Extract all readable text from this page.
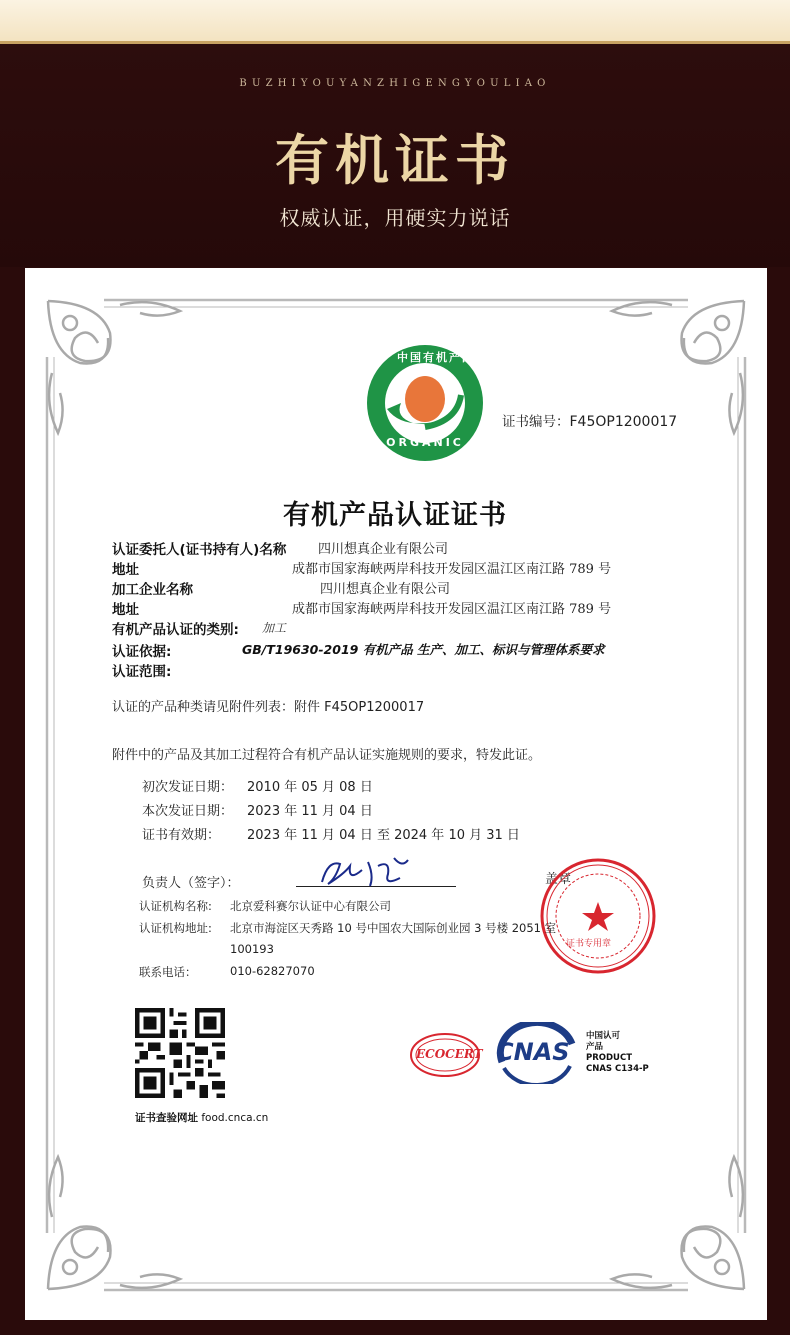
BUZHIYOUYANZHIGENGYOULIAO
有机证书
权威认证，用硬实力说话
中国有机产品
ORGANIC
证书编号：F45OP1200017
有机产品认证证书
认证委托人(证书持有人)名称 四川想真企业有限公司
地址	成都市国家海峡两岸科技开发园区温江区南江路 789 号
加工企业名称	四川想真企业有限公司
地址	成都市国家海峡两岸科技开发园区温江区南江路 789 号
有机产品认证的类别: 加工
认证依据:	GB/T19630-2019 有机产品 生产、加工、标识与管理体系要求
认证范围:
认证的产品种类请见附件列表：附件 F45OP1200017
附件中的产品及其加工过程符合有机产品认证实施规则的要求，特发此证。
初次发证日期： 2010 年 05 月 08 日
本次发证日期： 2023 年 11 月 04 日
证书有效期： 2023 年 11 月 04 日 至 2024 年 10 月 31 日
负责人（签字）：	盖章
证书专用章
认证机构名称: 北京爱科赛尔认证中心有限公司
认证机构地址: 北京市海淀区天秀路 10 号中国农大国际创业园 3 号楼 2051 室
100193
联系电话：	010-62827070
证书查验网址 food.cnca.cn
ECOCERT CNAS
中国认可
产品
PRODUCT
CNAS C134-P
